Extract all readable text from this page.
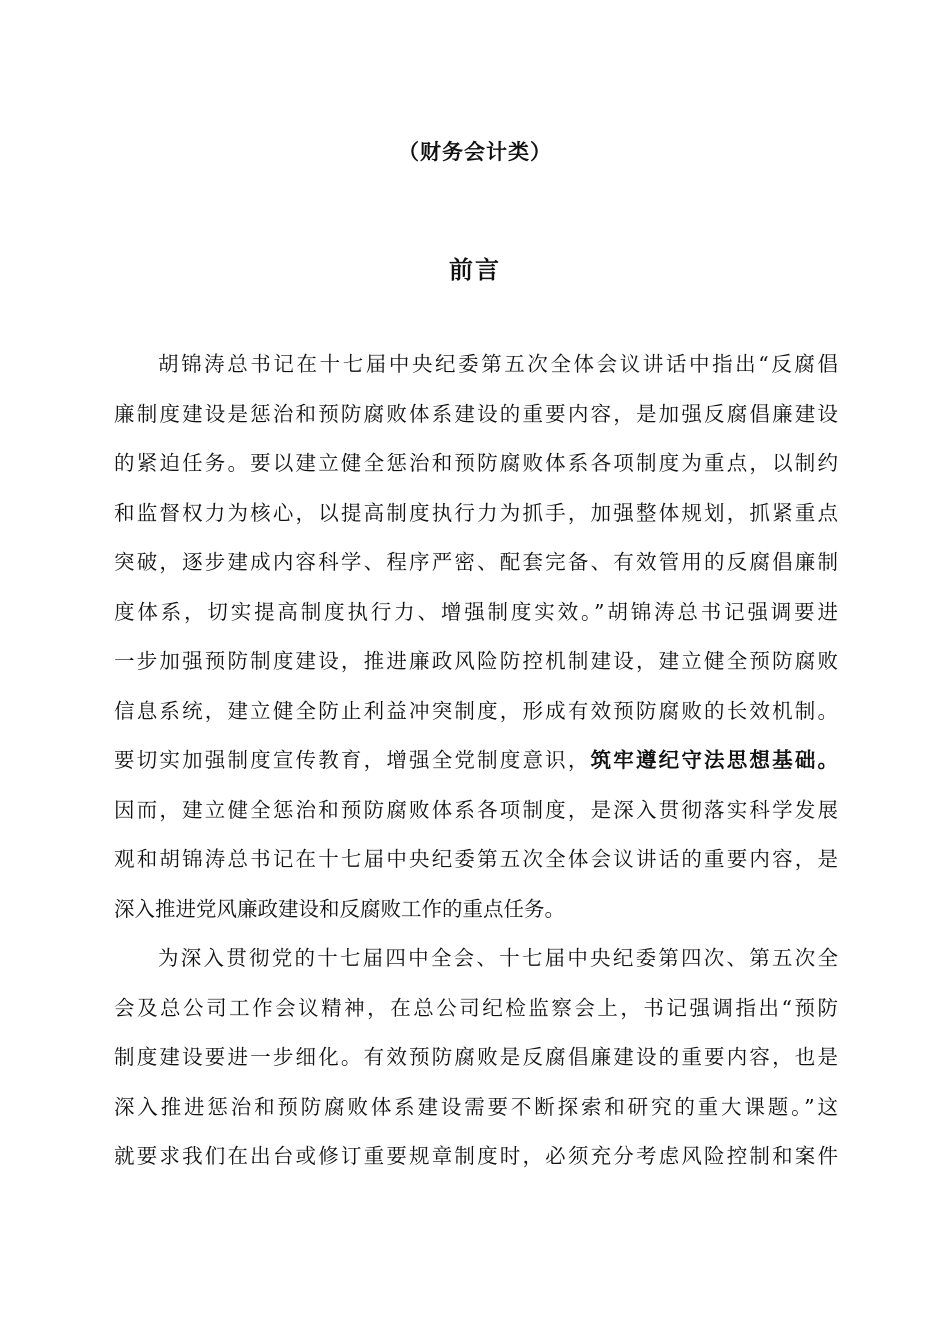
（财务会计类）
前言
胡锦涛总书记在十七届中央纪委第五次全体会议讲话中指出“反腐倡
廉制度建设是惩治和预防腐败体系建设的重要内容，是加强反腐倡廉建设
的紧迫任务。要以建立健全惩治和预防腐败体系各项制度为重点，以制约
和监督权力为核心，以提高制度执行力为抓手，加强整体规划，抓紧重点
突破，逐步建成内容科学、程序严密、配套完备、有效管用的反腐倡廉制
度体系，切实提高制度执行力、增强制度实效。”胡锦涛总书记强调要进
一步加强预防制度建设，推进廉政风险防控机制建设，建立健全预防腐败
信息系统，建立健全防止利益冲突制度，形成有效预防腐败的长效机制。
要切实加强制度宣传教育，增强全党制度意识，筑牢遵纪守法思想基础。
因而，建立健全惩治和预防腐败体系各项制度，是深入贯彻落实科学发展
观和胡锦涛总书记在十七届中央纪委第五次全体会议讲话的重要内容，是
深入推进党风廉政建设和反腐败工作的重点任务。
为深入贯彻党的十七届四中全会、十七届中央纪委第四次、第五次全
会及总公司工作会议精神，在总公司纪检监察会上，书记强调指出“预防
制度建设要进一步细化。有效预防腐败是反腐倡廉建设的重要内容，也是
深入推进惩治和预防腐败体系建设需要不断探索和研究的重大课题。”这
就要求我们在出台或修订重要规章制度时，必须充分考虑风险控制和案件
